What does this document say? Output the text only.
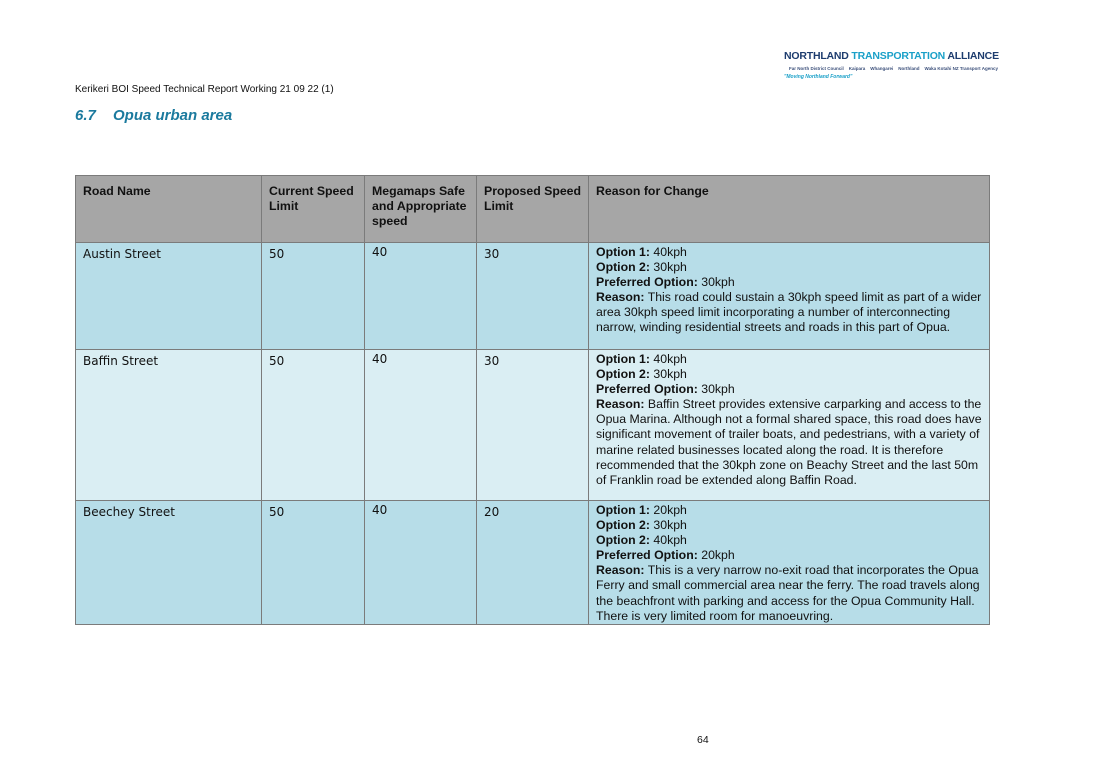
NORTHLAND TRANSPORTATION ALLIANCE
Far North District Council Kaipara Whangarei Northland Waka Kotahi NZ Transport Agency
"Moving Northland Forward"
Kerikeri BOI Speed Technical Report Working 21 09 22 (1)
6.7 Opua urban area
Road Name	Current Speed Limit	Megamaps Safe and Appropriate speed	Proposed Speed Limit	Reason for Change

Austin Street	50	40	30	Option 1: 40kph

Option 2: 30kph

Preferred Option: 30kph

Reason: This road could sustain a 30kph speed limit as part of a wider area 30kph speed limit incorporating a number of interconnecting narrow, winding residential streets and roads in this part of Opua.

Baffin Street	50	40	30	Option 1: 40kph

Option 2: 30kph

Preferred Option: 30kph

Reason: Baffin Street provides extensive carparking and access to the Opua Marina. Although not a formal shared space, this road does have significant movement of trailer boats, and pedestrians, with a variety of marine related businesses located along the road. It is therefore recommended that the 30kph zone on Beachy Street and the last 50m of Franklin road be extended along Baffin Road.

Beechey Street	50	40	20	Option 1: 20kph

Option 2: 30kph

Option 2: 40kph

Preferred Option: 20kph

Reason: This is a very narrow no-exit road that incorporates the Opua Ferry and small commercial area near the ferry. The road travels along the beachfront with parking and access for the Opua Community Hall. There is very limited room for manoeuvring.

64
